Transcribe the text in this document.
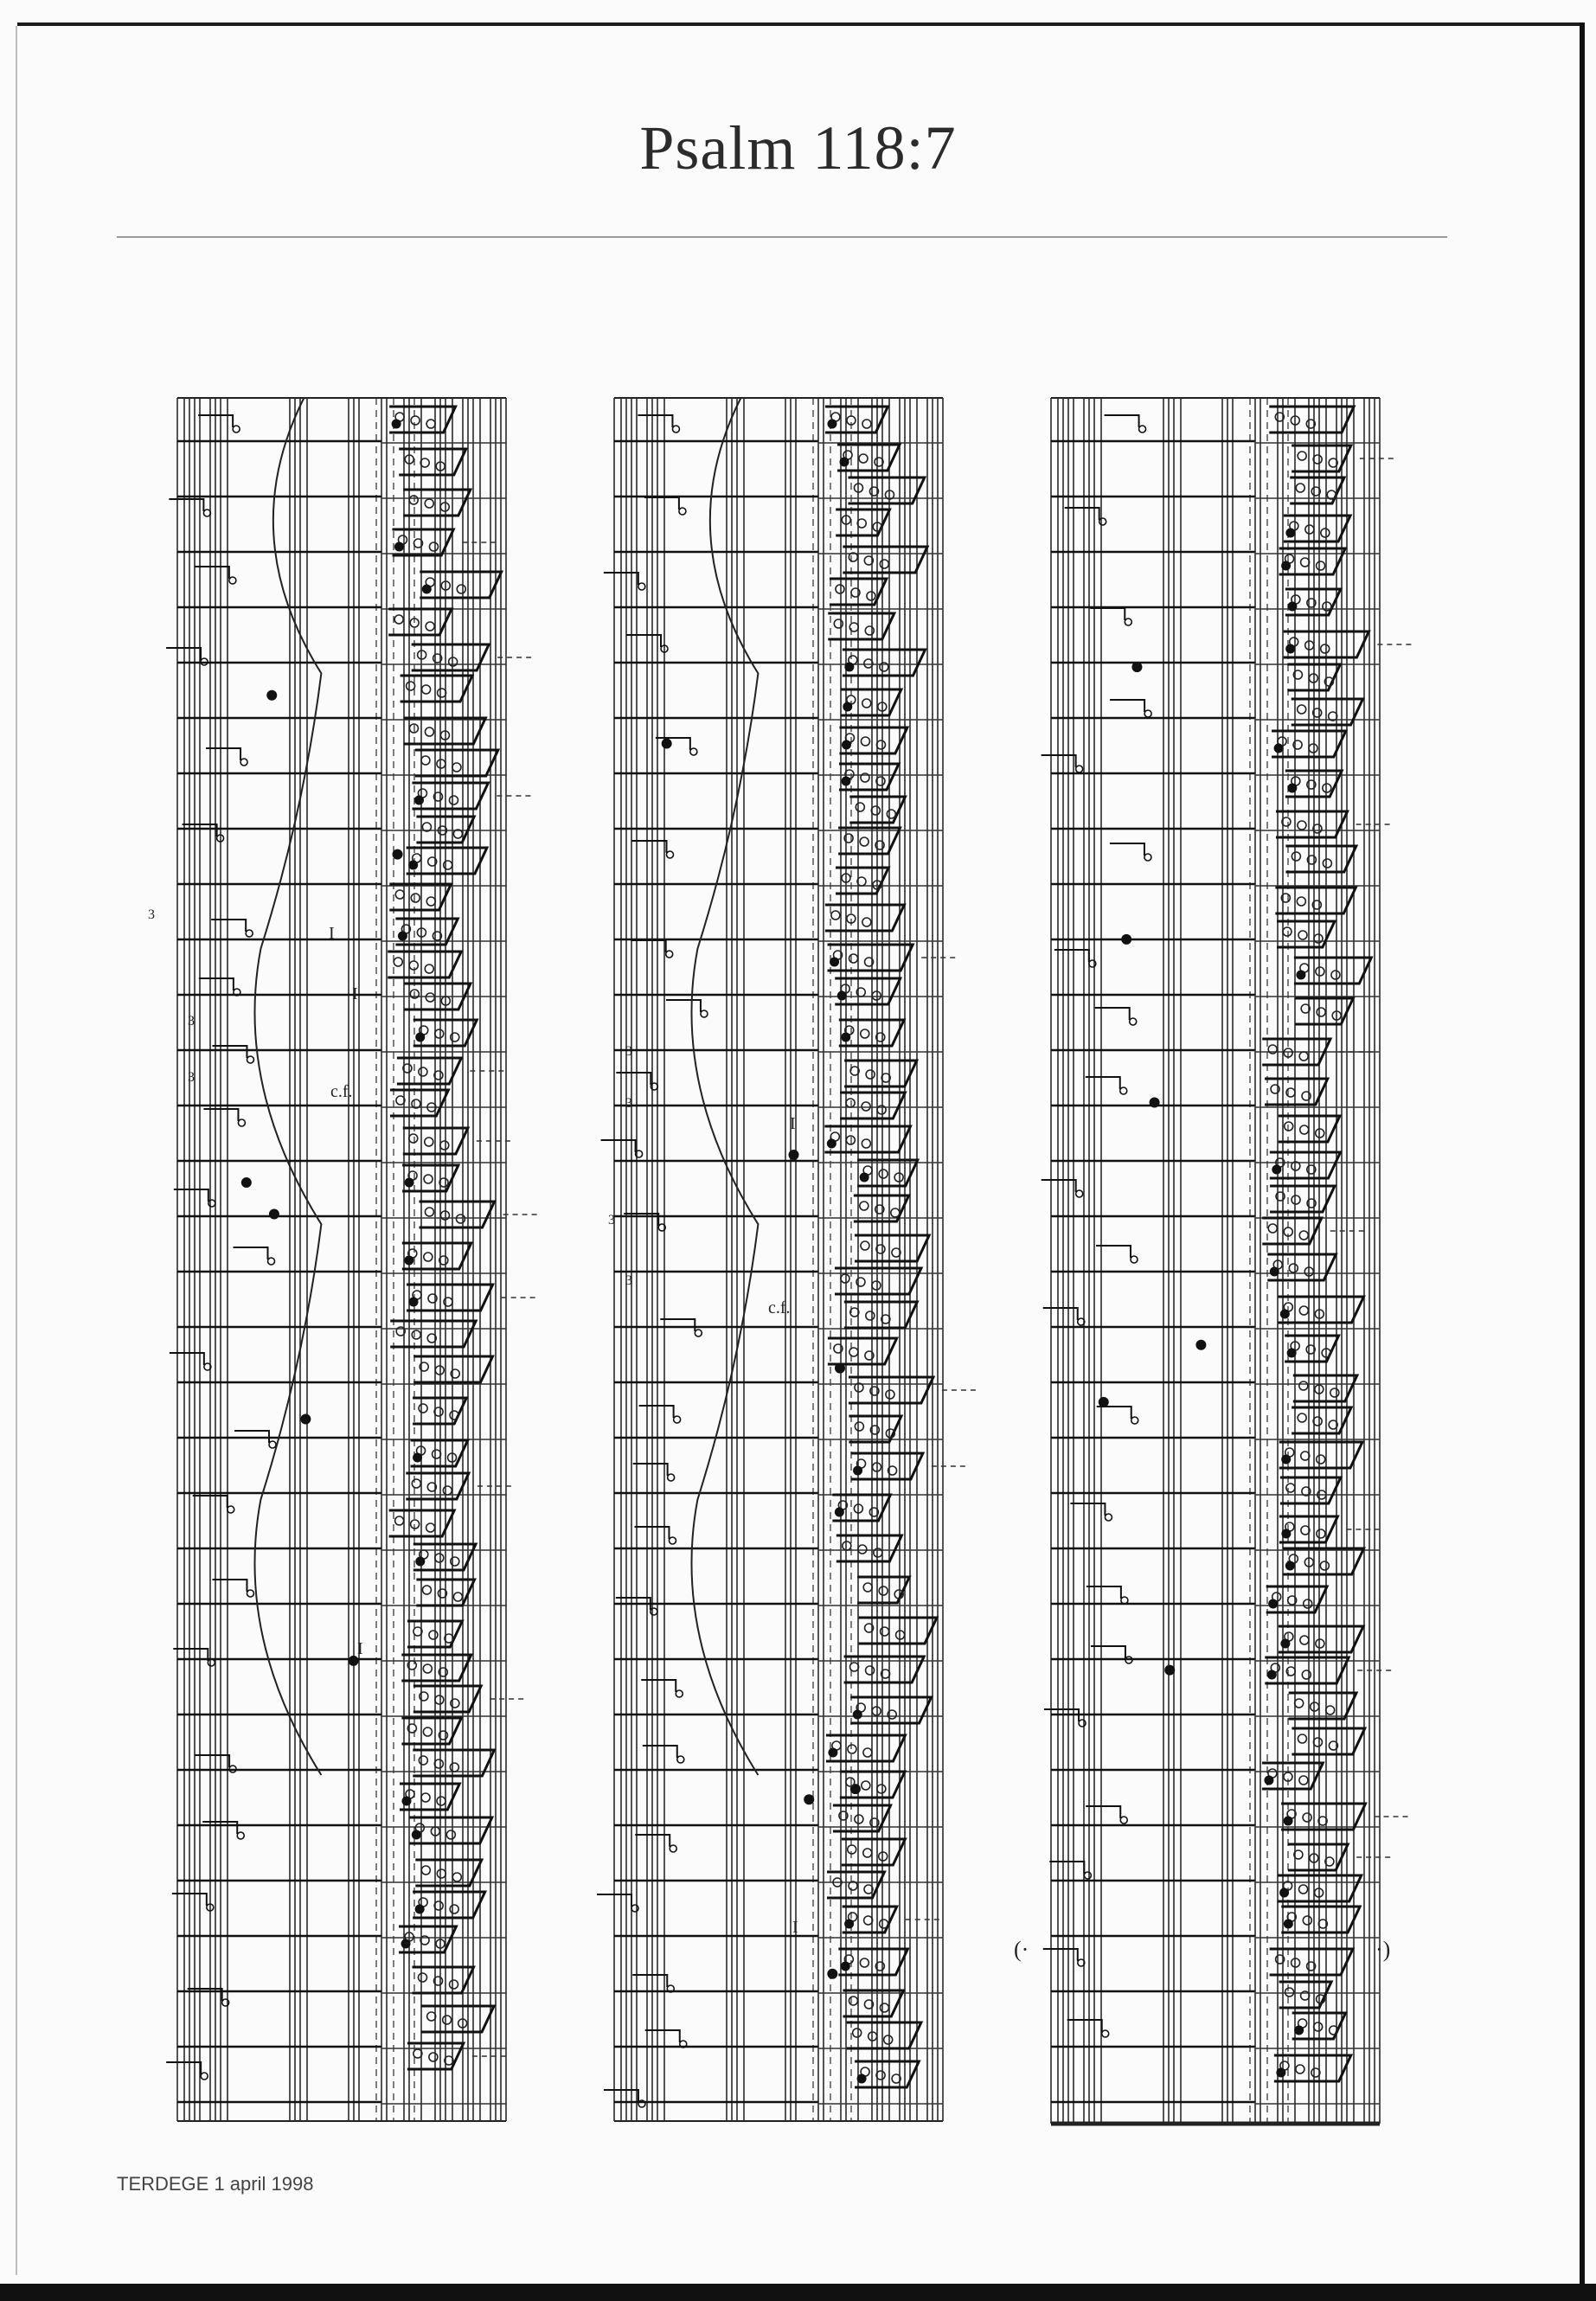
Psalm 118:7
I
I
c.f.
I
3
3
3
I
c.f.
I
3
3
3
3
(·	·)
TERDEGE 1 april 1998
